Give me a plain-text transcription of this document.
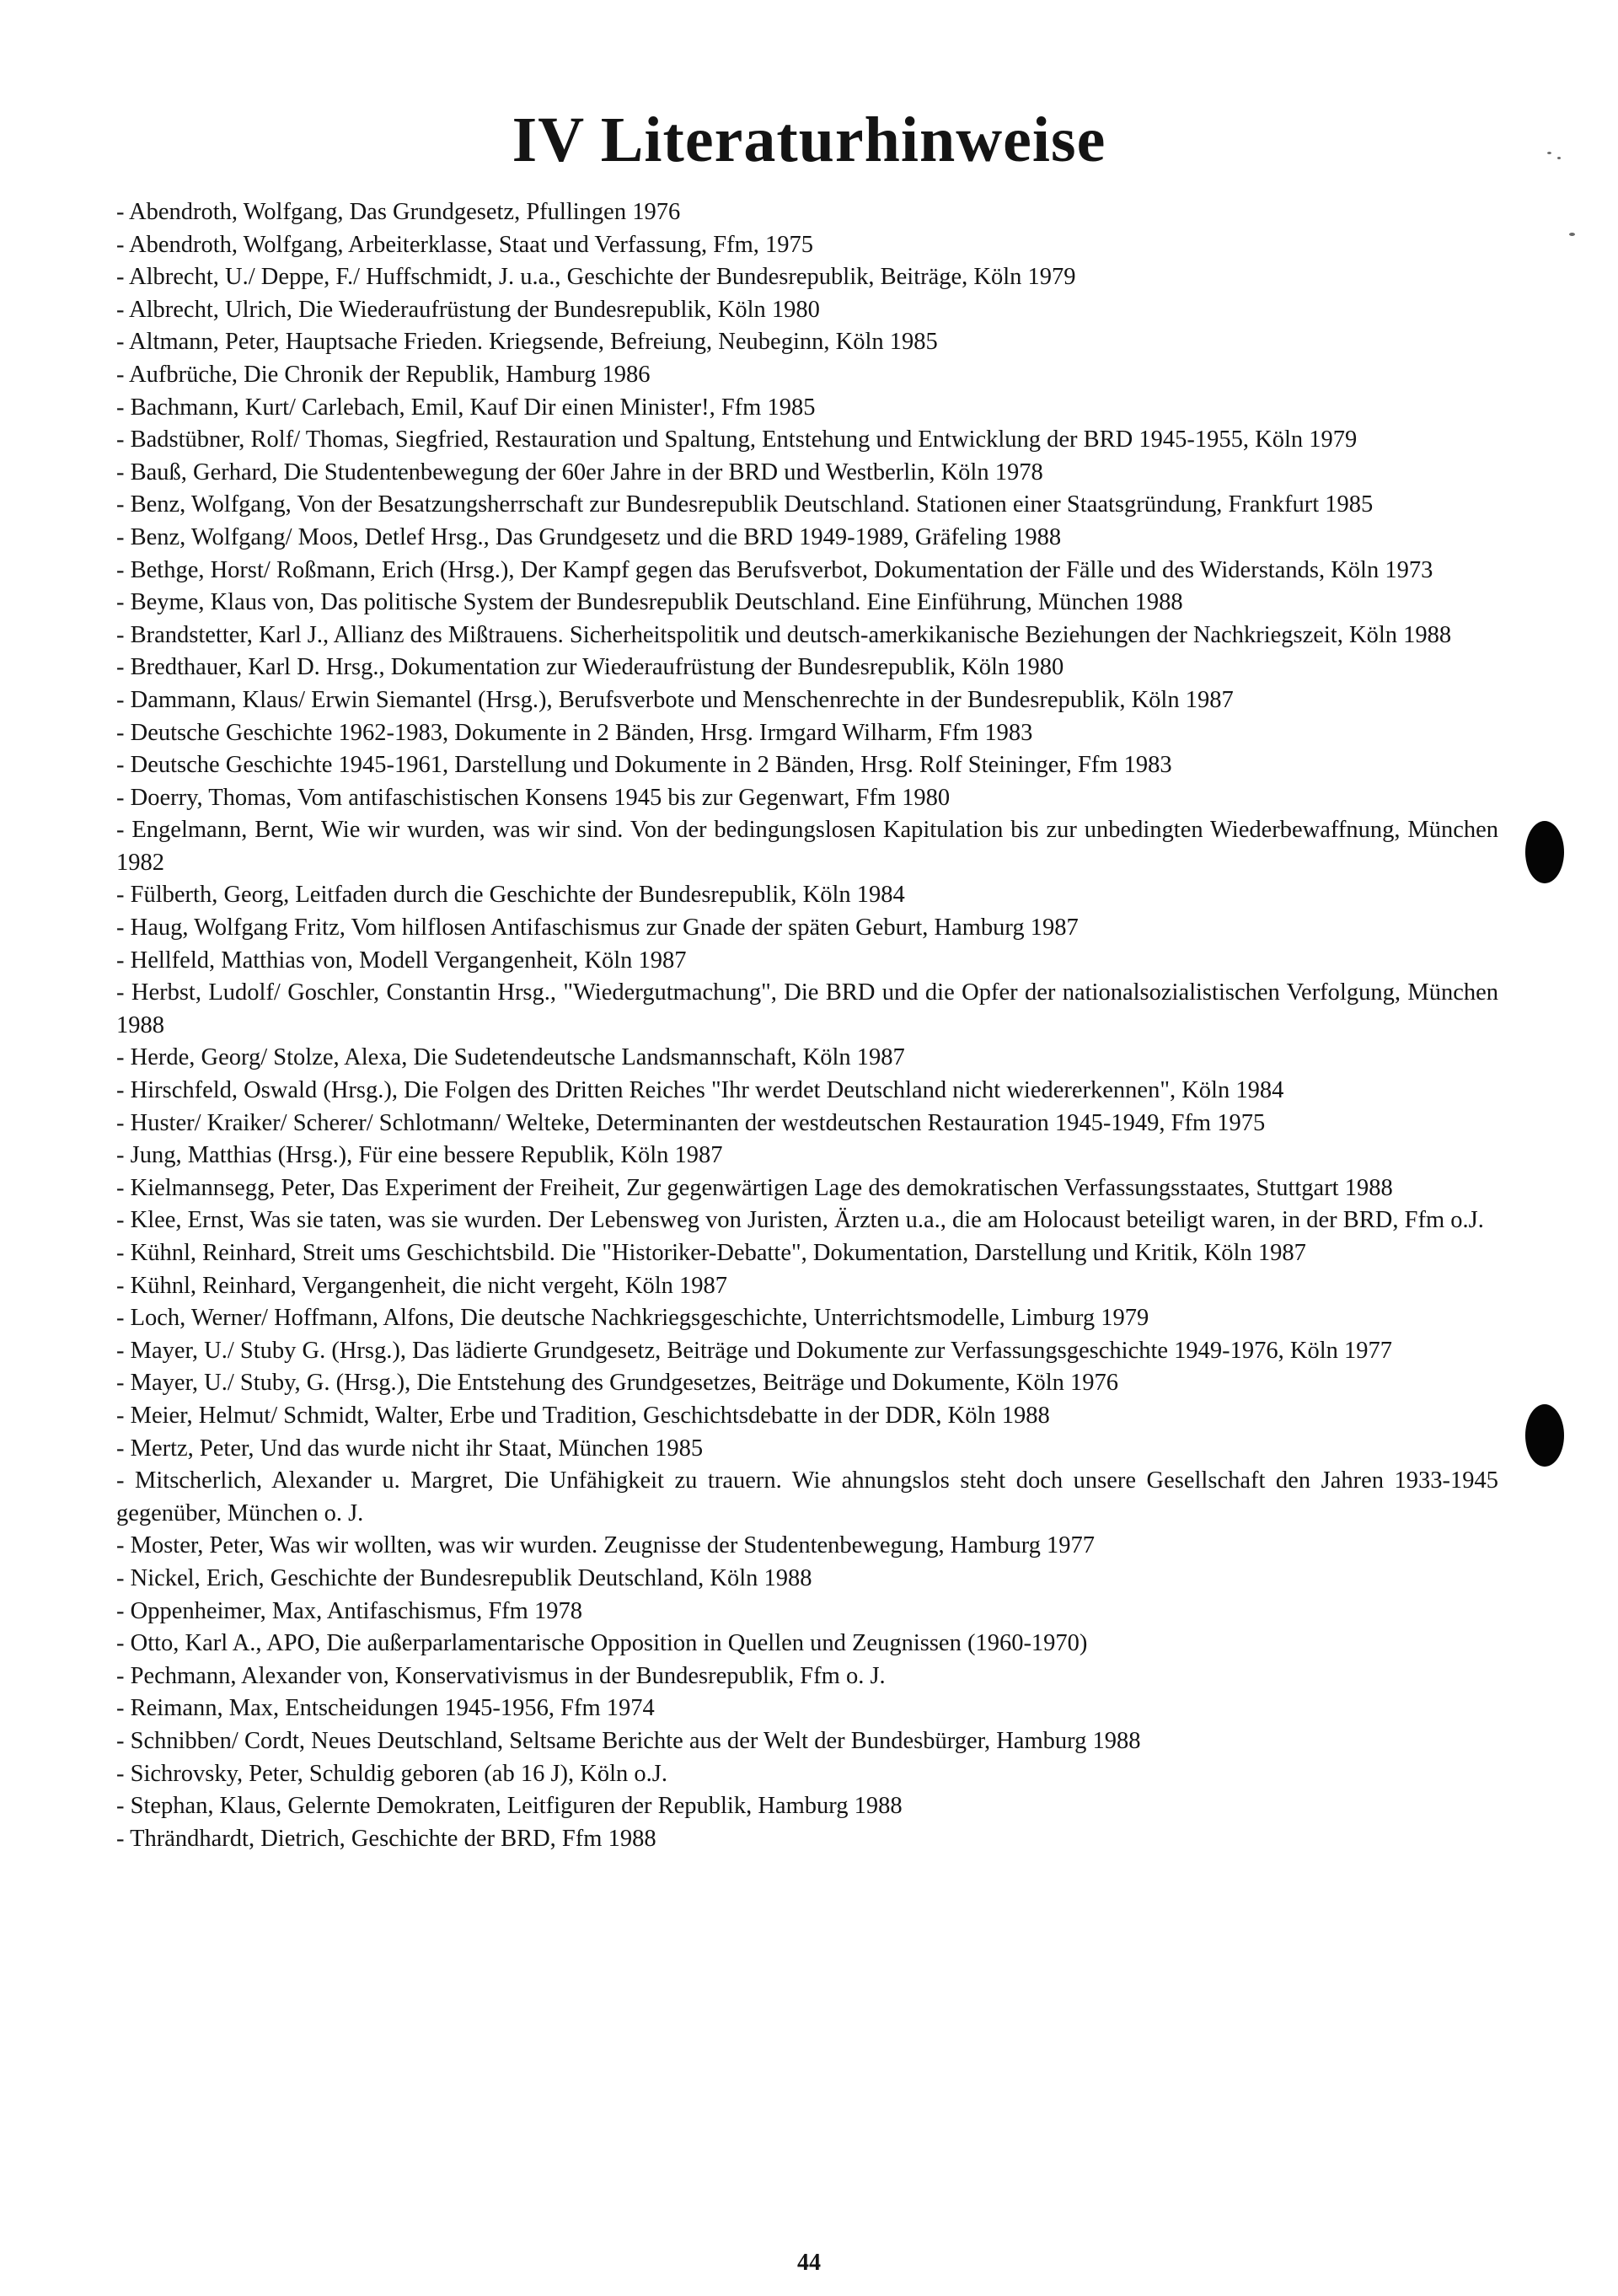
IV Literaturhinweise
- Abendroth, Wolfgang, Das Grundgesetz, Pfullingen 1976
- Abendroth, Wolfgang, Arbeiterklasse, Staat und Verfassung, Ffm, 1975
- Albrecht, U./ Deppe, F./ Huffschmidt, J. u.a., Geschichte der Bundesrepublik, Beiträge, Köln 1979
- Albrecht, Ulrich, Die Wiederaufrüstung der Bundesrepublik, Köln 1980
- Altmann, Peter, Hauptsache Frieden. Kriegsende, Befreiung, Neubeginn, Köln 1985
- Aufbrüche, Die Chronik der Republik, Hamburg 1986
- Bachmann, Kurt/ Carlebach, Emil, Kauf Dir einen Minister!, Ffm 1985
- Badstübner, Rolf/ Thomas, Siegfried, Restauration und Spaltung, Entstehung und Entwicklung der BRD 1945-1955, Köln 1979
- Bauß, Gerhard, Die Studentenbewegung der 60er Jahre in der BRD und Westberlin, Köln 1978
- Benz, Wolfgang, Von der Besatzungsherrschaft zur Bundesrepublik Deutschland. Stationen einer Staatsgründung, Frankfurt 1985
- Benz, Wolfgang/ Moos, Detlef Hrsg., Das Grundgesetz und die BRD 1949-1989, Gräfeling 1988
- Bethge, Horst/ Roßmann, Erich (Hrsg.), Der Kampf gegen das Berufsverbot, Dokumentation der Fälle und des Widerstands, Köln 1973
- Beyme, Klaus von, Das politische System der Bundesrepublik Deutschland. Eine Einführung, München 1988
- Brandstetter, Karl J., Allianz des Mißtrauens. Sicherheitspolitik und deutsch-amerkikanische Beziehungen der Nachkriegszeit, Köln 1988
- Bredthauer, Karl D. Hrsg., Dokumentation zur Wiederaufrüstung der Bundesrepublik, Köln 1980
- Dammann, Klaus/ Erwin Siemantel (Hrsg.), Berufsverbote und Menschenrechte in der Bundesrepublik, Köln 1987
- Deutsche Geschichte 1962-1983, Dokumente in 2 Bänden, Hrsg. Irmgard Wilharm, Ffm 1983
- Deutsche Geschichte 1945-1961, Darstellung und Dokumente in 2 Bänden, Hrsg. Rolf Steininger, Ffm 1983
- Doerry, Thomas, Vom antifaschistischen Konsens 1945 bis zur Gegenwart, Ffm 1980
- Engelmann, Bernt, Wie wir wurden, was wir sind. Von der bedingungslosen Kapitulation bis zur unbedingten Wiederbewaffnung, München 1982
- Fülberth, Georg, Leitfaden durch die Geschichte der Bundesrepublik, Köln 1984
- Haug, Wolfgang Fritz, Vom hilflosen Antifaschismus zur Gnade der späten Geburt, Hamburg 1987
- Hellfeld, Matthias von, Modell Vergangenheit, Köln 1987
- Herbst, Ludolf/ Goschler, Constantin Hrsg., "Wiedergutmachung", Die BRD und die Opfer der nationalsozialistischen Verfolgung, München 1988
- Herde, Georg/ Stolze, Alexa, Die Sudetendeutsche Landsmannschaft, Köln 1987
- Hirschfeld, Oswald (Hrsg.), Die Folgen des Dritten Reiches "Ihr werdet Deutschland nicht wiedererkennen", Köln 1984
- Huster/ Kraiker/ Scherer/ Schlotmann/ Welteke, Determinanten der westdeutschen Restauration 1945-1949, Ffm 1975
- Jung, Matthias (Hrsg.), Für eine bessere Republik, Köln 1987
- Kielmannsegg, Peter, Das Experiment der Freiheit, Zur gegenwärtigen Lage des demokratischen Verfassungsstaates, Stuttgart 1988
- Klee, Ernst, Was sie taten, was sie wurden. Der Lebensweg von Juristen, Ärzten u.a., die am Holocaust beteiligt waren, in der BRD, Ffm o.J.
- Kühnl, Reinhard, Streit ums Geschichtsbild. Die "Historiker-Debatte", Dokumentation, Darstellung und Kritik, Köln 1987
- Kühnl, Reinhard, Vergangenheit, die nicht vergeht, Köln 1987
- Loch, Werner/ Hoffmann, Alfons, Die deutsche Nachkriegsgeschichte, Unterrichtsmodelle, Limburg 1979
- Mayer, U./ Stuby G. (Hrsg.), Das lädierte Grundgesetz, Beiträge und Dokumente zur Verfassungsgeschichte 1949-1976, Köln 1977
- Mayer, U./ Stuby, G. (Hrsg.), Die Entstehung des Grundgesetzes, Beiträge und Dokumente, Köln 1976
- Meier, Helmut/ Schmidt, Walter, Erbe und Tradition, Geschichtsdebatte in der DDR, Köln 1988
- Mertz, Peter, Und das wurde nicht ihr Staat, München 1985
- Mitscherlich, Alexander u. Margret, Die Unfähigkeit zu trauern. Wie ahnungslos steht doch unsere Gesellschaft den Jahren 1933-1945 gegenüber, München o. J.
- Moster, Peter, Was wir wollten, was wir wurden. Zeugnisse der Studentenbewegung, Hamburg 1977
- Nickel, Erich, Geschichte der Bundesrepublik Deutschland, Köln 1988
- Oppenheimer, Max, Antifaschismus, Ffm 1978
- Otto, Karl A., APO, Die außerparlamentarische Opposition in Quellen und Zeugnissen (1960-1970)
- Pechmann, Alexander von, Konservativismus in der Bundesrepublik, Ffm o. J.
- Reimann, Max, Entscheidungen 1945-1956, Ffm 1974
- Schnibben/ Cordt, Neues Deutschland, Seltsame Berichte aus der Welt der Bundesbürger, Hamburg 1988
- Sichrovsky, Peter, Schuldig geboren (ab 16 J), Köln o.J.
- Stephan, Klaus, Gelernte Demokraten, Leitfiguren der Republik, Hamburg 1988
- Thrändhardt, Dietrich, Geschichte der BRD, Ffm 1988
44
